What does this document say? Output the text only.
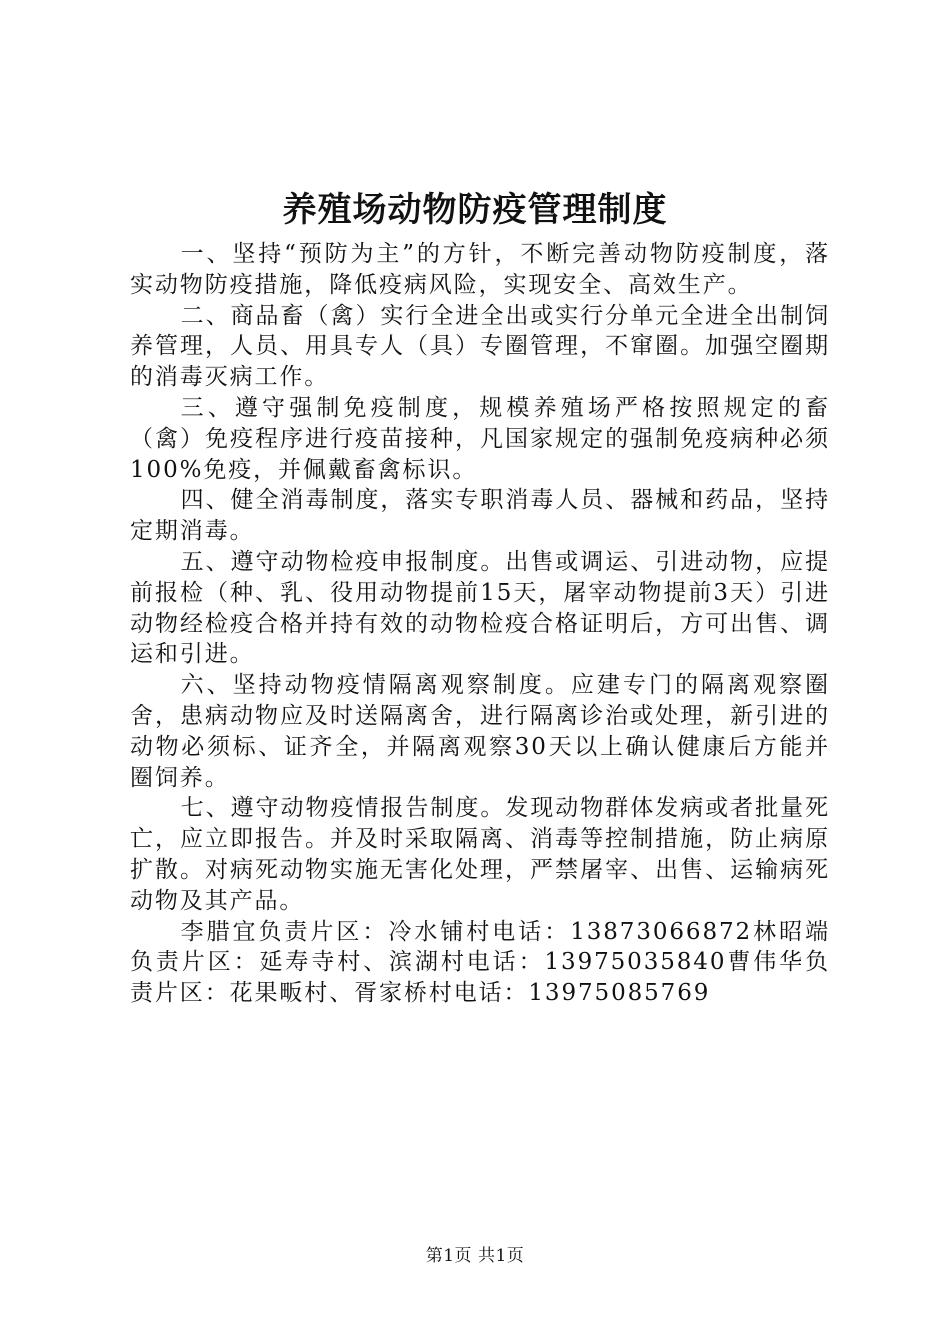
养殖场动物防疫管理制度

一、坚持“预防为主”的方针，不断完善动物防疫制度，落实动物防疫措施，降低疫病风险，实现安全、高效生产。

二、商品畜（禽）实行全进全出或实行分单元全进全出制饲养管理，人员、用具专人（具）专圈管理，不窜圈。加强空圈期的消毒灭病工作。

三、遵守强制免疫制度，规模养殖场严格按照规定的畜（禽）免疫程序进行疫苗接种，凡国家规定的强制免疫病种必须100%免疫，并佩戴畜禽标识。

四、健全消毒制度，落实专职消毒人员、器械和药品，坚持定期消毒。

五、遵守动物检疫申报制度。出售或调运、引进动物，应提前报检（种、乳、役用动物提前15天，屠宰动物提前3天）引进动物经检疫合格并持有效的动物检疫合格证明后，方可出售、调运和引进。

六、坚持动物疫情隔离观察制度。应建专门的隔离观察圈舍，患病动物应及时送隔离舍，进行隔离诊治或处理，新引进的动物必须标、证齐全，并隔离观察30天以上确认健康后方能并圈饲养。

七、遵守动物疫情报告制度。发现动物群体发病或者批量死亡，应立即报告。并及时采取隔离、消毒等控制措施，防止病原扩散。对病死动物实施无害化处理，严禁屠宰、出售、运输病死动物及其产品。

李腊宜负责片区：冷水铺村电话：13873066872林昭端负责片区：延寿寺村、滨湖村电话：13975035840曹伟华负责片区：花果畈村、胥家桥村电话：13975085769

第1页 共1页
